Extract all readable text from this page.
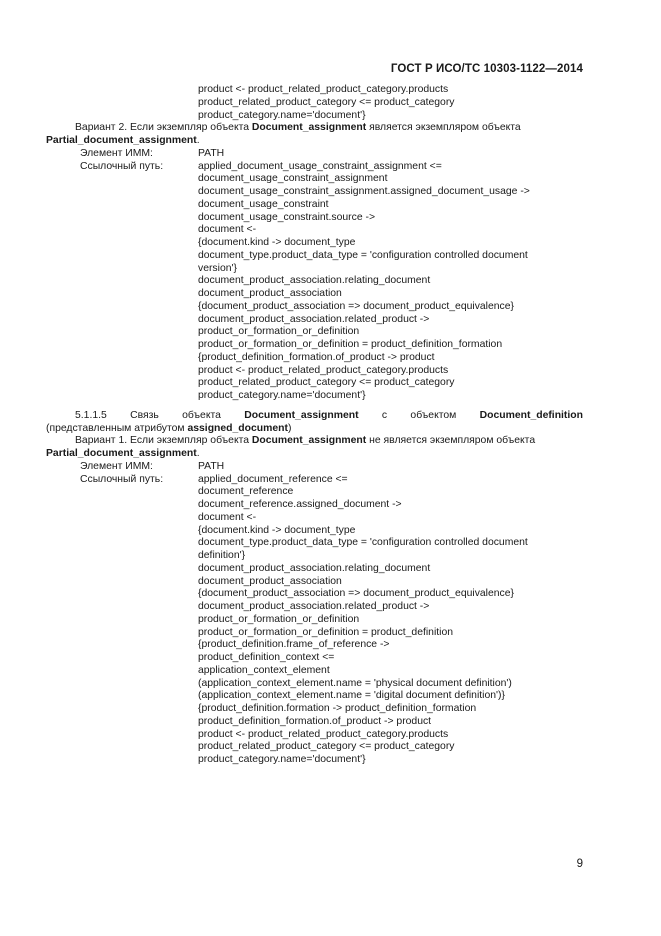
ГОСТ Р ИСО/ТС 10303-1122—2014
product <- product_related_product_category.products
product_related_product_category <= product_category
product_category.name='document'}
Вариант 2. Если экземпляр объекта Document_assignment является экземпляром объекта
Partial_document_assignment.
Элемент ИММ:	PATH
Ссылочный путь:	applied_document_usage_constraint_assignment <=
document_usage_constraint_assignment
document_usage_constraint_assignment.assigned_document_usage ->
document_usage_constraint
document_usage_constraint.source ->
document <-
{document.kind -> document_type
document_type.product_data_type = 'configuration controlled document
version'}
document_product_association.relating_document
document_product_association
{document_product_association => document_product_equivalence}
document_product_association.related_product ->
product_or_formation_or_definition
product_or_formation_or_definition = product_definition_formation
{product_definition_formation.of_product -> product
product <- product_related_product_category.products
product_related_product_category <= product_category
product_category.name='document'}
5.1.1.5 Связь объекта Document_assignment с объектом Document_definition
(представленным атрибутом assigned_document)
Вариант 1. Если экземпляр объекта Document_assignment не является экземпляром объекта
Partial_document_assignment.
Элемент ИММ:	PATH
Ссылочный путь:	applied_document_reference <=
document_reference
document_reference.assigned_document ->
document <-
{document.kind -> document_type
document_type.product_data_type = 'configuration controlled document
definition'}
document_product_association.relating_document
document_product_association
{document_product_association => document_product_equivalence}
document_product_association.related_product ->
product_or_formation_or_definition
product_or_formation_or_definition = product_definition
{product_definition.frame_of_reference ->
product_definition_context <=
application_context_element
(application_context_element.name = 'physical document definition')
(application_context_element.name = 'digital document definition')}
{product_definition.formation -> product_definition_formation
product_definition_formation.of_product -> product
product <- product_related_product_category.products
product_related_product_category <= product_category
product_category.name='document'}
9
